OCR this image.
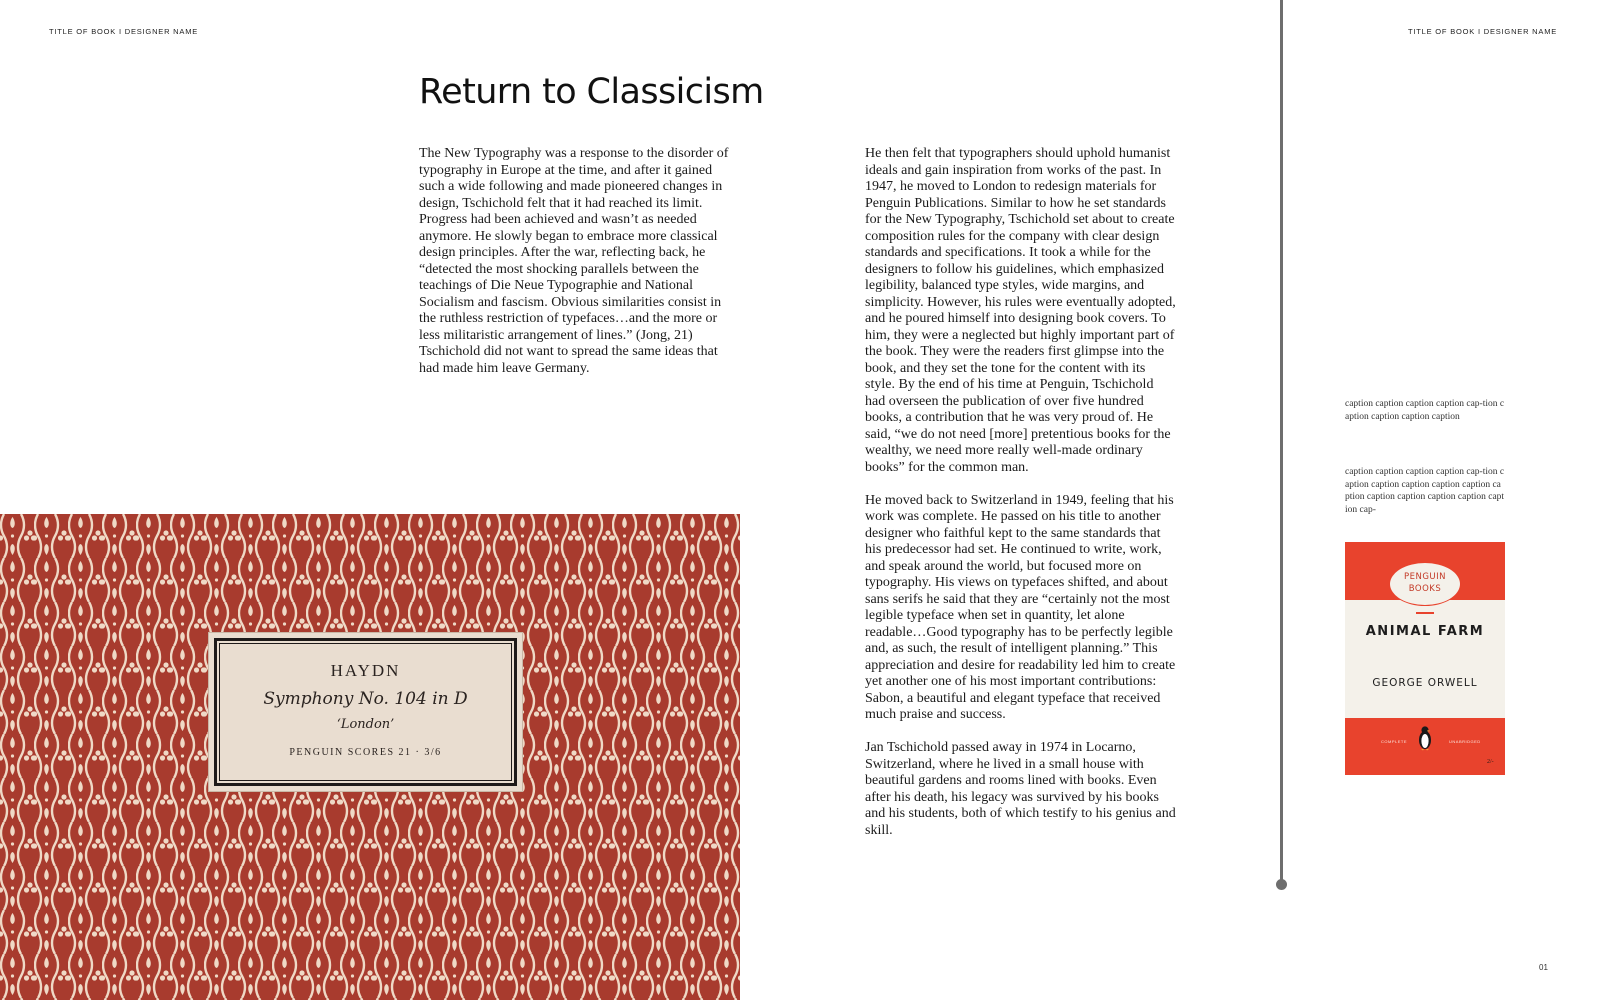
TITLE OF BOOK I DESIGNER NAME	TITLE OF BOOK I DESIGNER NAME
Return to Classicism

The New Typography was a response to the disorder of typography in Europe at the time, and after it gained such a wide following and made pioneered changes in design, Tschichold felt that it had reached its limit. Progress had been achieved and wasn’t as needed anymore. He slowly began to embrace more classical design principles. After the war, reflecting back, he “detected the most shocking parallels between the teachings of Die Neue Typographie and National Socialism and fascism. Obvious similarities consist in the ruthless restriction of typefaces…and the more or less militaristic arrangement of lines.” (Jong, 21) Tschichold did not want to spread the same ideas that had made him leave Germany.

He then felt that typographers should uphold humanist ideals and gain inspiration from works of the past. In 1947, he moved to London to redesign materials for Penguin Publications. Similar to how he set standards for the New Typography, Tschichold set about to create composition rules for the company with clear design standards and specifications. It took a while for the designers to follow his guidelines, which emphasized legibility, balanced type styles, wide margins, and simplicity. However, his rules were eventually adopted, and he poured himself into designing book covers. To him, they were a neglected but highly important part of the book. They were the readers first glimpse into the book, and they set the tone for the content with its style. By the end of his time at Penguin, Tschichold had overseen the publication of over five hundred books, a contribution that he was very proud of. He said, “we do not need [more] pretentious books for the wealthy, we need more really well-made ordinary books” for the common man.

He moved back to Switzerland in 1949, feeling that his work was complete. He passed on his title to another designer who faithful kept to the same standards that his predecessor had set. He continued to write, work, and speak around the world, but focused more on typography. His views on typefaces shifted, and about sans serifs he said that they are “certainly not the most legible typeface when set in quantity, let alone readable…Good typography has to be perfectly legible and, as such, the result of intelligent planning.” This appreciation and desire for readability led him to create yet another one of his most important contributions: Sabon, a beautiful and elegant typeface that received much praise and success.

Jan Tschichold passed away in 1974 in Locarno, Switzerland, where he lived in a small house with beautiful gardens and rooms lined with books. Even after his death, his legacy was survived by his books and his students, both of which testify to his genius and skill.

caption caption caption caption cap-tion caption caption caption caption
caption caption caption caption cap-tion caption caption caption caption caption caption caption caption caption caption caption cap-
HAYDN
Symphony No. 104 in D
‘London’
PENGUIN SCORES 21 · 3/6
PENGUIN
BOOKS
ANIMAL FARM
GEORGE ORWELL
COMPLETE	UNABRIDGED
2/-
01
